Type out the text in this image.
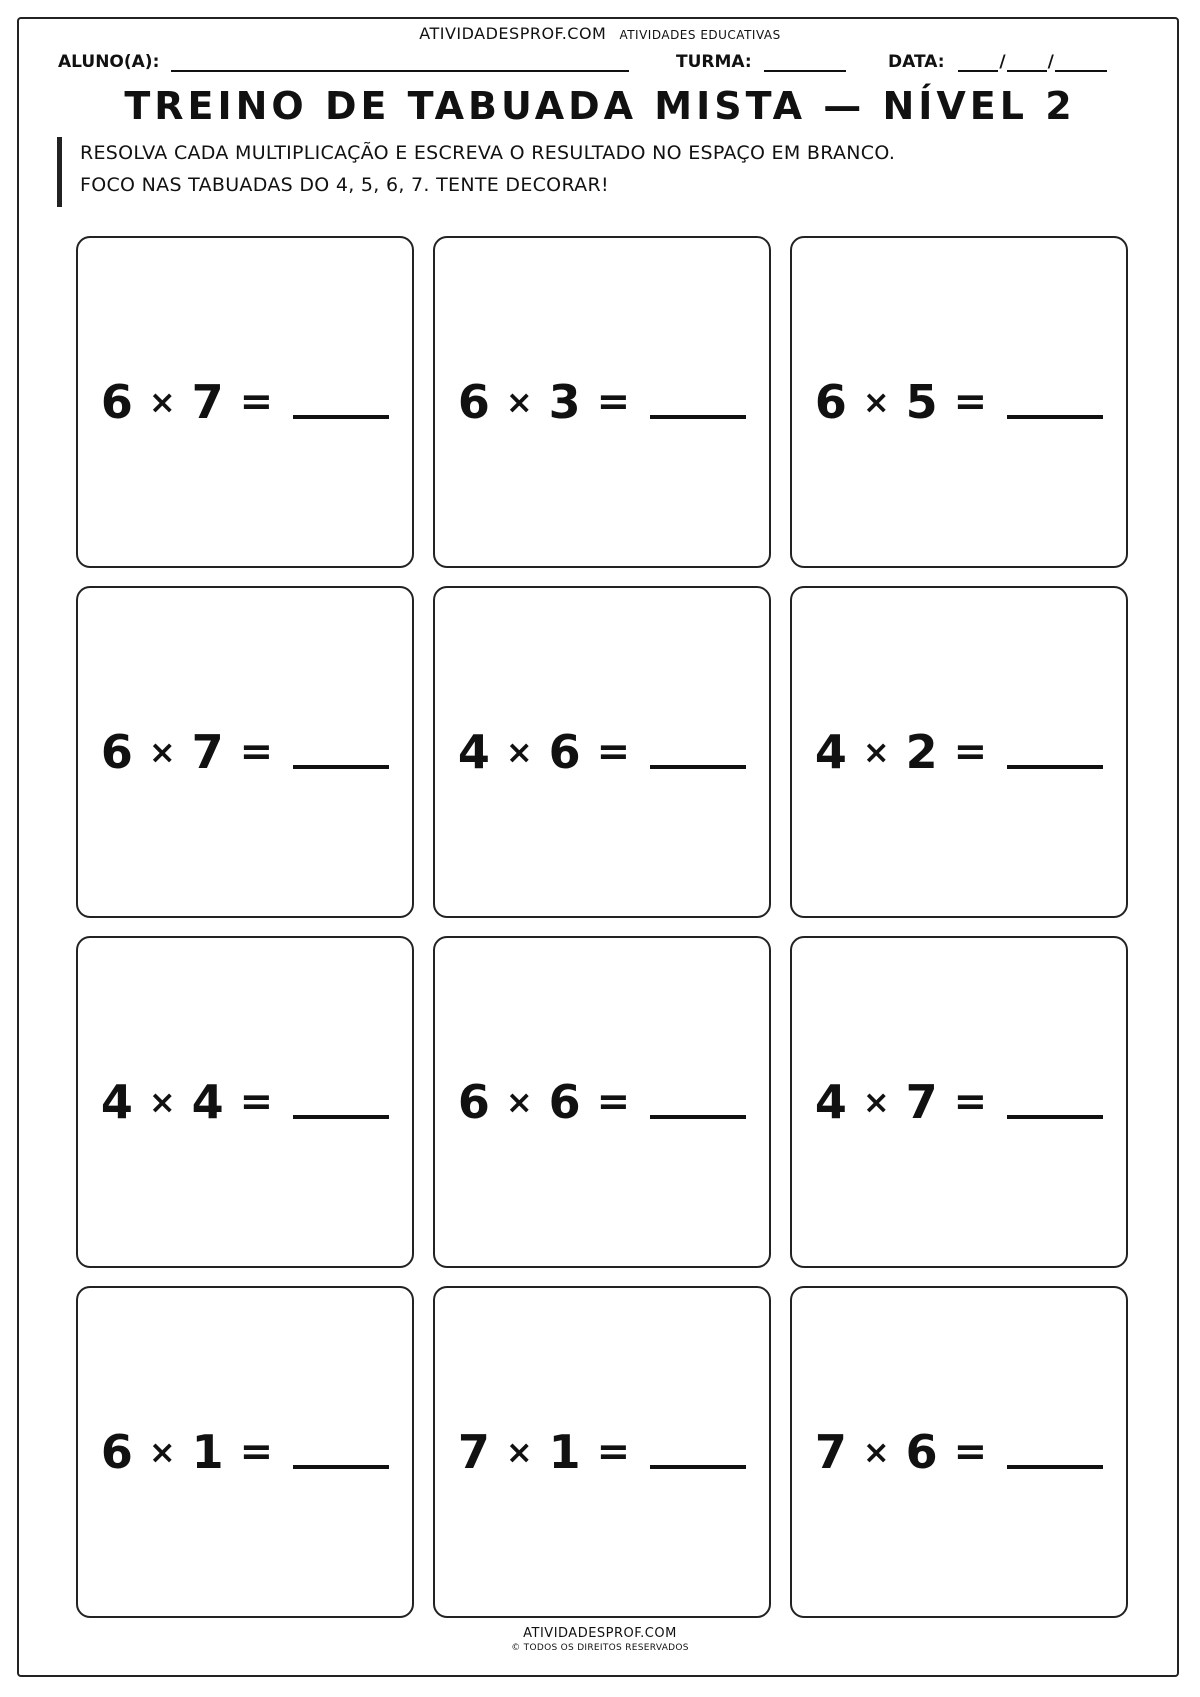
ATIVIDADESPROF.COM ATIVIDADES EDUCATIVAS
ALUNO(A):	TURMA:	DATA:	/ /
TREINO DE TABUADA MISTA — NÍVEL 2
RESOLVA CADA MULTIPLICAÇÃO E ESCREVA O RESULTADO NO ESPAÇO EM BRANCO.
FOCO NAS TABUADAS DO 4, 5, 6, 7. TENTE DECORAR!
6 × 7 =	6 × 3 =	6 × 5 =
6 × 7 =	4 × 6 =	4 × 2 =
4 × 4 =	6 × 6 =	4 × 7 =
6 × 1 =	7 × 1 =	7 × 6 =
ATIVIDADESPROF.COM
© TODOS OS DIREITOS RESERVADOS
